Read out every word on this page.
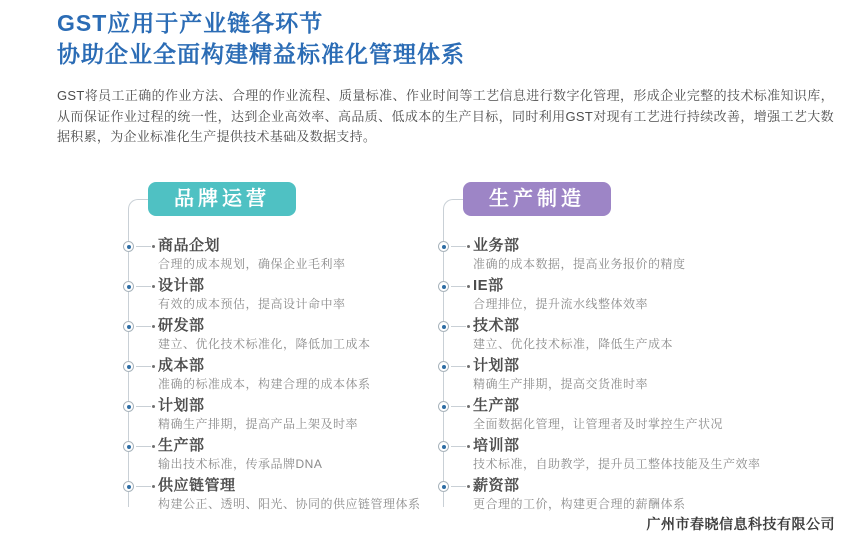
GST应用于产业链各环节
协助企业全面构建精益标准化管理体系
GST将员工正确的作业方法、合理的作业流程、质量标准、作业时间等工艺信息进行数字化管理，形成企业完整的技术标准知识库，从而保证作业过程的统一性，达到企业高效率、高品质、低成本的生产目标，同时利用GST对现有工艺进行持续改善，增强工艺大数据积累，为企业标准化生产提供技术基础及数据支持。
品牌运营
商品企划
合理的成本规划，确保企业毛利率
设计部
有效的成本预估，提高设计命中率
研发部
建立、优化技术标准化，降低加工成本
成本部
准确的标准成本，构建合理的成本体系
计划部
精确生产排期，提高产品上架及时率
生产部
输出技术标准，传承品牌DNA
供应链管理
构建公正、透明、阳光、协同的供应链管理体系
生产制造
业务部
准确的成本数据，提高业务报价的精度
IE部
合理排位，提升流水线整体效率
技术部
建立、优化技术标准，降低生产成本
计划部
精确生产排期，提高交货准时率
生产部
全面数据化管理，让管理者及时掌控生产状况
培训部
技术标准，自助教学，提升员工整体技能及生产效率
薪资部
更合理的工价，构建更合理的薪酬体系
广州市春晓信息科技有限公司
